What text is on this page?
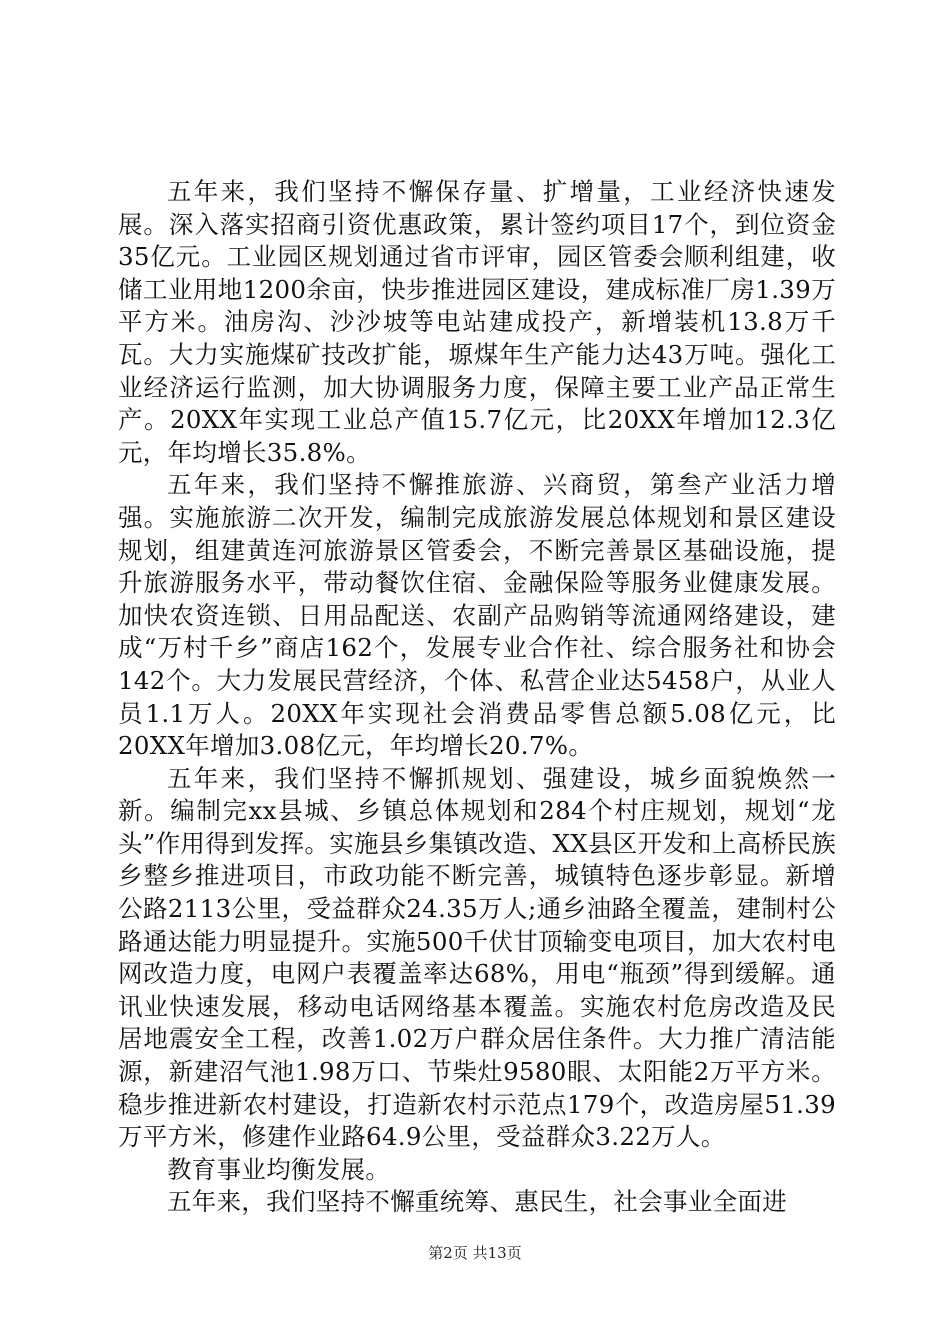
五年来，我们坚持不懈保存量、扩增量，工业经济快速发展。深入落实招商引资优惠政策，累计签约项目17个，到位资金35亿元。工业园区规划通过省市评审，园区管委会顺利组建，收储工业用地1200余亩，快步推进园区建设，建成标准厂房1.39万平方米。油房沟、沙沙坡等电站建成投产，新增装机13.8万千瓦。大力实施煤矿技改扩能，塬煤年生产能力达43万吨。强化工业经济运行监测，加大协调服务力度，保障主要工业产品正常生产。20XX年实现工业总产值15.7亿元，比20XX年增加12.3亿元，年均增长35.8%。

五年来，我们坚持不懈推旅游、兴商贸，第叁产业活力增强。实施旅游二次开发，编制完成旅游发展总体规划和景区建设规划，组建黄连河旅游景区管委会，不断完善景区基础设施，提升旅游服务水平，带动餐饮住宿、金融保险等服务业健康发展。加快农资连锁、日用品配送、农副产品购销等流通网络建设，建成“万村千乡”商店162个，发展专业合作社、综合服务社和协会142个。大力发展民营经济，个体、私营企业达5458户，从业人员1.1万人。20XX年实现社会消费品零售总额5.08亿元，比20XX年增加3.08亿元，年均增长20.7%。

五年来，我们坚持不懈抓规划、强建设，城乡面貌焕然一新。编制完xx县城、乡镇总体规划和284个村庄规划，规划“龙头”作用得到发挥。实施县乡集镇改造、XX县区开发和上高桥民族乡整乡推进项目，市政功能不断完善，城镇特色逐步彰显。新增公路2113公里，受益群众24.35万人;通乡油路全覆盖，建制村公路通达能力明显提升。实施500千伏甘顶输变电项目，加大农村电网改造力度，电网户表覆盖率达68%，用电“瓶颈”得到缓解。通讯业快速发展，移动电话网络基本覆盖。实施农村危房改造及民居地震安全工程，改善1.02万户群众居住条件。大力推广清洁能源，新建沼气池1.98万口、节柴灶9580眼、太阳能2万平方米。稳步推进新农村建设，打造新农村示范点179个，改造房屋51.39万平方米，修建作业路64.9公里，受益群众3.22万人。

教育事业均衡发展。

五年来，我们坚持不懈重统筹、惠民生，社会事业全面进

第2页 共13页
